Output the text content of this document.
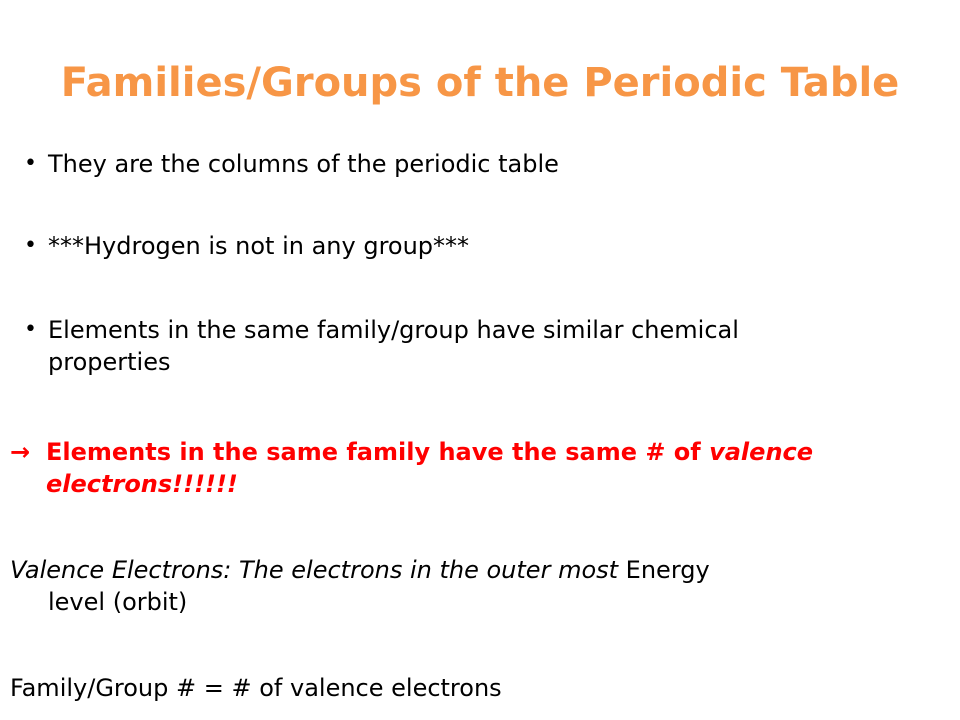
Families/Groups of the Periodic Table
• They are the columns of the periodic table

• ***Hydrogen is not in any group***

• Elements in the same family/group have similar chemical
properties

→ Elements in the same family have the same # of valence
electrons!!!!!!

Valence Electrons: The electrons in the outer most Energy
level (orbit)

Family/Group # = # of valence electrons
